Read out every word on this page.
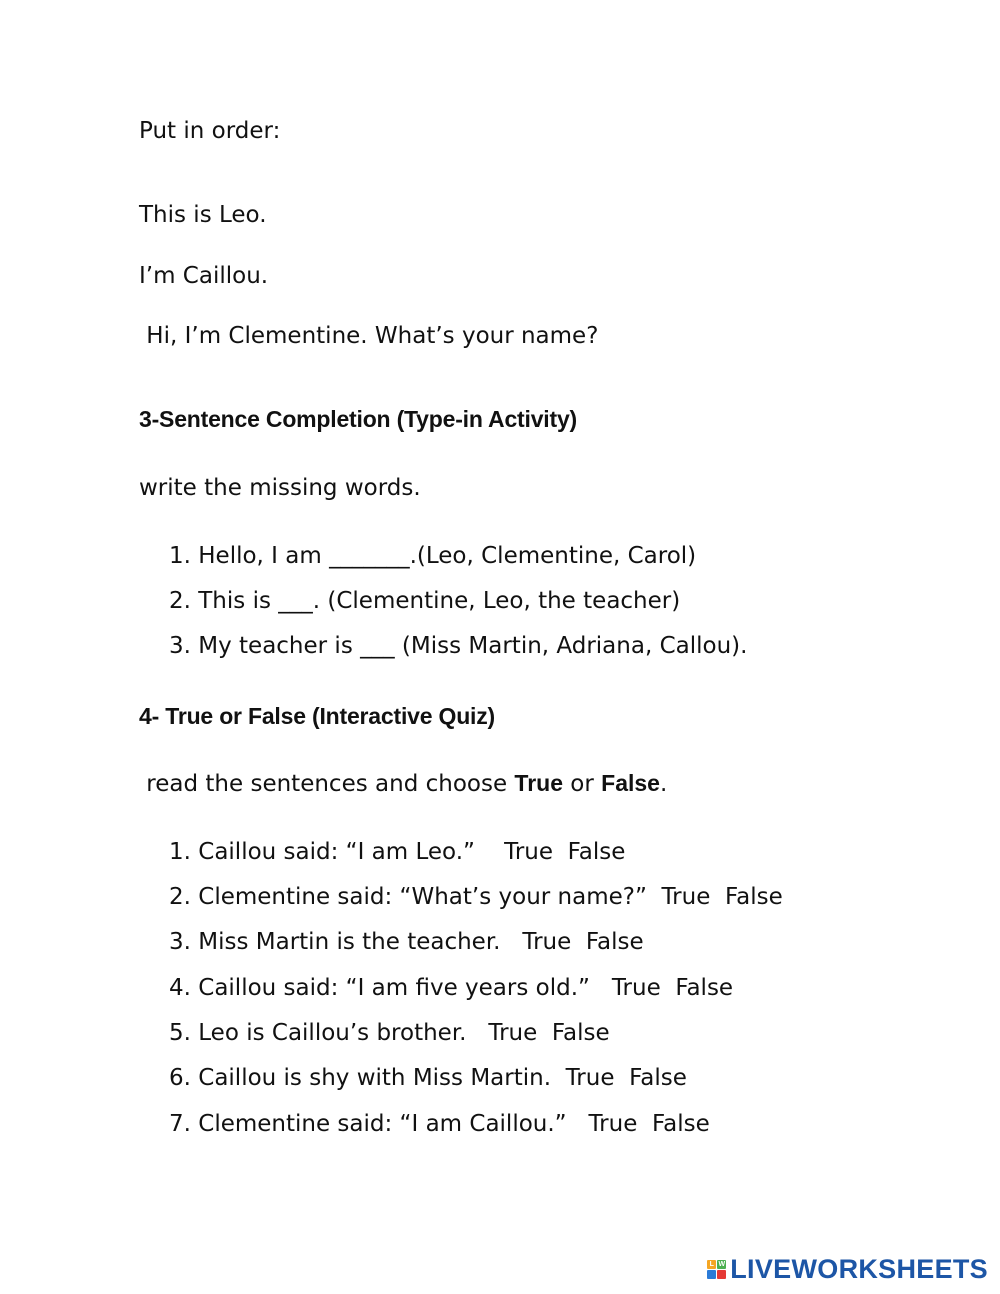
Put in order:
This is Leo.
I’m Caillou.
Hi, I’m Clementine. What’s your name?
3-Sentence Completion (Type-in Activity)
write the missing words.
1. Hello, I am _______.(Leo, Clementine, Carol)
2. This is ___. (Clementine, Leo, the teacher)
3. My teacher is ___ (Miss Martin, Adriana, Callou).
4- True or False (Interactive Quiz)
read the sentences and choose True or False.
1. Caillou said: “I am Leo.”    True  False
2. Clementine said: “What’s your name?”  True  False
3. Miss Martin is the teacher.   True  False
4. Caillou said: “I am five years old.”   True  False
5. Leo is Caillou’s brother.   True  False
6. Caillou is shy with Miss Martin.  True  False
7. Clementine said: “I am Caillou.”   True  False
L W LIVEWORKSHEETS
